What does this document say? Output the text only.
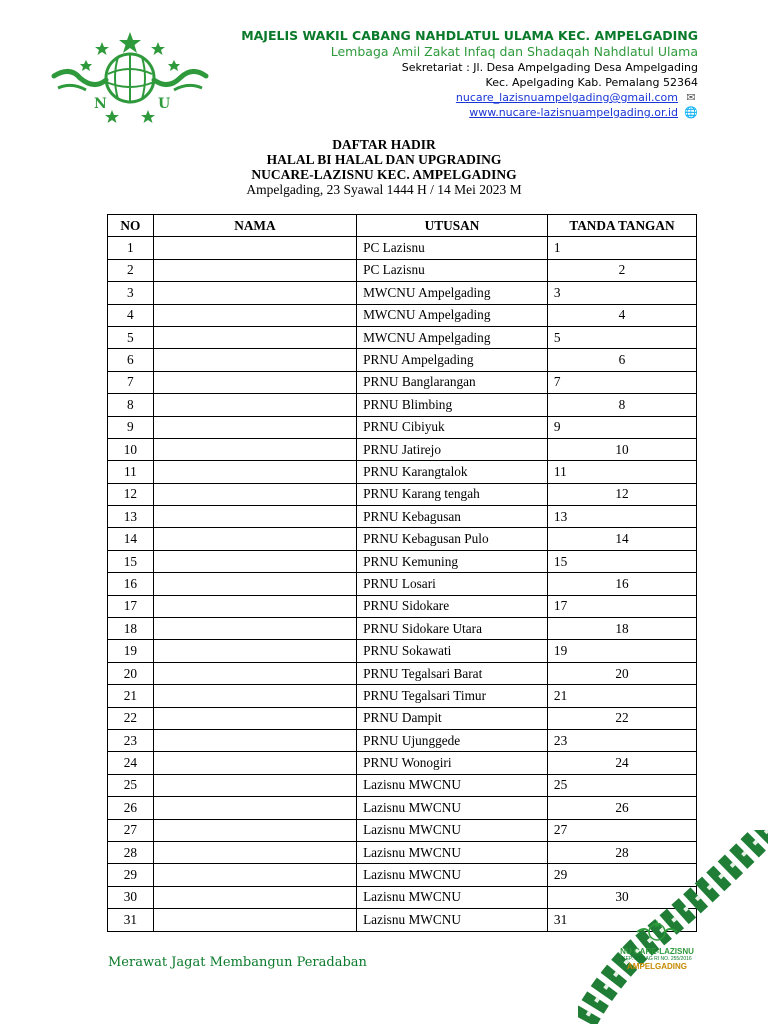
N	U
MAJELIS WAKIL CABANG NAHDLATUL ULAMA KEC. AMPELGADING
Lembaga Amil Zakat Infaq dan Shadaqah Nahdlatul Ulama
Sekretariat : Jl. Desa Ampelgading Desa Ampelgading
Kec. Apelgading Kab. Pemalang 52364
nucare_lazisnuampelgading@gmail.com ✉
www.nucare-lazisnuampelgading.or.id 🌐
DAFTAR HADIR
HALAL BI HALAL DAN UPGRADING
NUCARE-LAZISNU KEC. AMPELGADING
Ampelgading, 23 Syawal 1444 H / 14 Mei 2023 M
NO	NAMA	UTUSAN	TANDA TANGAN
1		PC Lazisnu	1

2		PC Lazisnu	2

3		MWCNU Ampelgading	3

4		MWCNU Ampelgading	4

5		MWCNU Ampelgading	5

6		PRNU Ampelgading	6

7		PRNU Banglarangan	7

8		PRNU Blimbing	8

9		PRNU Cibiyuk	9

10		PRNU Jatirejo	10

11		PRNU Karangtalok	11

12		PRNU Karang tengah	12

13		PRNU Kebagusan	13

14		PRNU Kebagusan Pulo	14

15		PRNU Kemuning	15

16		PRNU Losari	16

17		PRNU Sidokare	17

18		PRNU Sidokare Utara	18

19		PRNU Sokawati	19

20		PRNU Tegalsari Barat	20

21		PRNU Tegalsari Timur	21

22		PRNU Dampit	22

23		PRNU Ujunggede	23

24		PRNU Wonogiri	24

25		Lazisnu MWCNU	25

26		Lazisnu MWCNU	26

27		Lazisnu MWCNU	27

28		Lazisnu MWCNU	28

29		Lazisnu MWCNU	29

30		Lazisnu MWCNU	30

31		Lazisnu MWCNU	31
NU CARE-LAZISNU
KEP. MENAG RI NO. 255/2016
AMPELGADING
Merawat Jagat Membangun Peradaban
